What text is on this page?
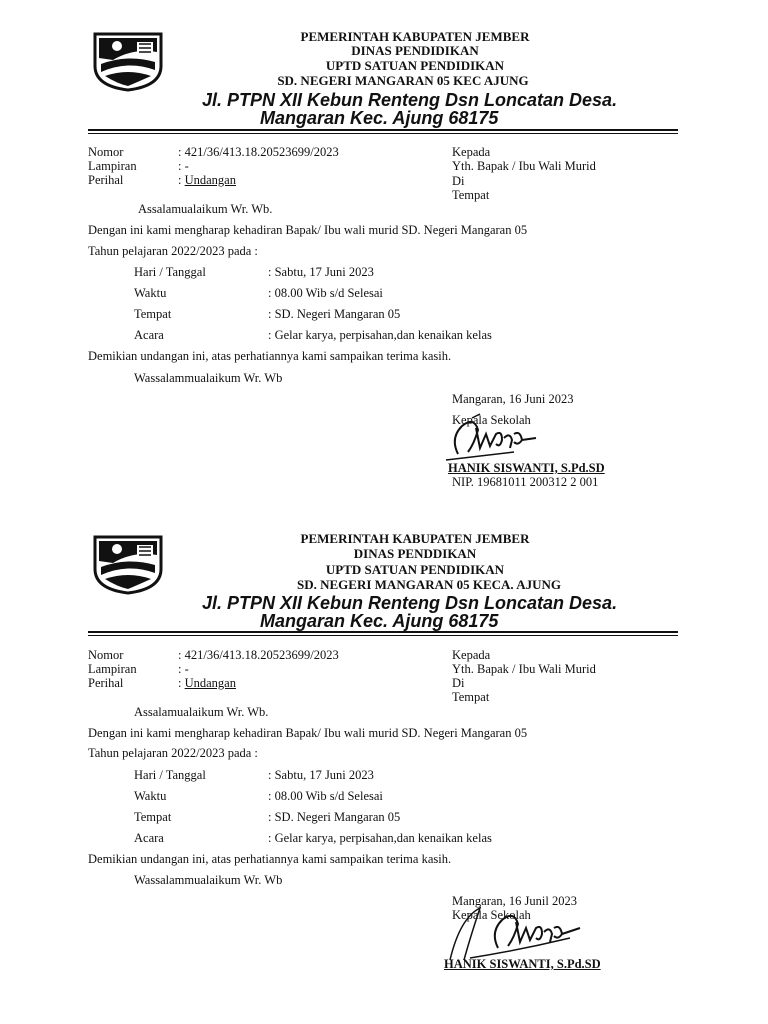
PEMERINTAH KABUPATEN JEMBER
DINAS PENDIDIKAN
UPTD SATUAN PENDIDIKAN
SD. NEGERI MANGARAN 05 KEC AJUNG
Jl. PTPN XII Kebun Renteng Dsn Loncatan Desa.
Mangaran Kec. Ajung 68175
Nomor	: 421/36/413.18.20523699/2023
Lampiran	: -
Perihal	: Undangan
Kepada
Yth. Bapak / Ibu Wali Murid
Di
Tempat
Assalamualaikum Wr. Wb.
Dengan ini kami mengharap kehadiran Bapak/ Ibu wali murid SD. Negeri Mangaran 05
Tahun pelajaran 2022/2023 pada :
Hari / Tanggal	: Sabtu, 17 Juni 2023
Waktu	: 08.00 Wib s/d Selesai
Tempat	: SD. Negeri Mangaran 05
Acara	: Gelar karya, perpisahan,dan kenaikan kelas
Demikian undangan ini, atas perhatiannya kami sampaikan terima kasih.
Wassalammualaikum Wr. Wb
Mangaran, 16 Juni 2023
Kepala Sekolah
HANIK SISWANTI, S.Pd.SD
NIP. 19681011 200312 2 001
PEMERINTAH KABUPATEN JEMBER
DINAS PENDDIKAN
UPTD SATUAN PENDIDIKAN
SD. NEGERI MANGARAN 05 KECA. AJUNG
Jl. PTPN XII Kebun Renteng Dsn Loncatan Desa.
Mangaran Kec. Ajung 68175
Nomor	: 421/36/413.18.20523699/2023
Lampiran	: -
Perihal	: Undangan
Kepada
Yth. Bapak / Ibu Wali Murid
Di
Tempat
Assalamualaikum Wr. Wb.
Dengan ini kami mengharap kehadiran Bapak/ Ibu wali murid SD. Negeri Mangaran 05
Tahun pelajaran 2022/2023 pada :
Hari / Tanggal	: Sabtu, 17 Juni 2023
Waktu	: 08.00 Wib s/d Selesai
Tempat	: SD. Negeri Mangaran 05
Acara	: Gelar karya, perpisahan,dan kenaikan kelas
Demikian undangan ini, atas perhatiannya kami sampaikan terima kasih.
Wassalammualaikum Wr. Wb
Mangaran, 16 Junil 2023
Kepala Sekolah
HANIK SISWANTI, S.Pd.SD
